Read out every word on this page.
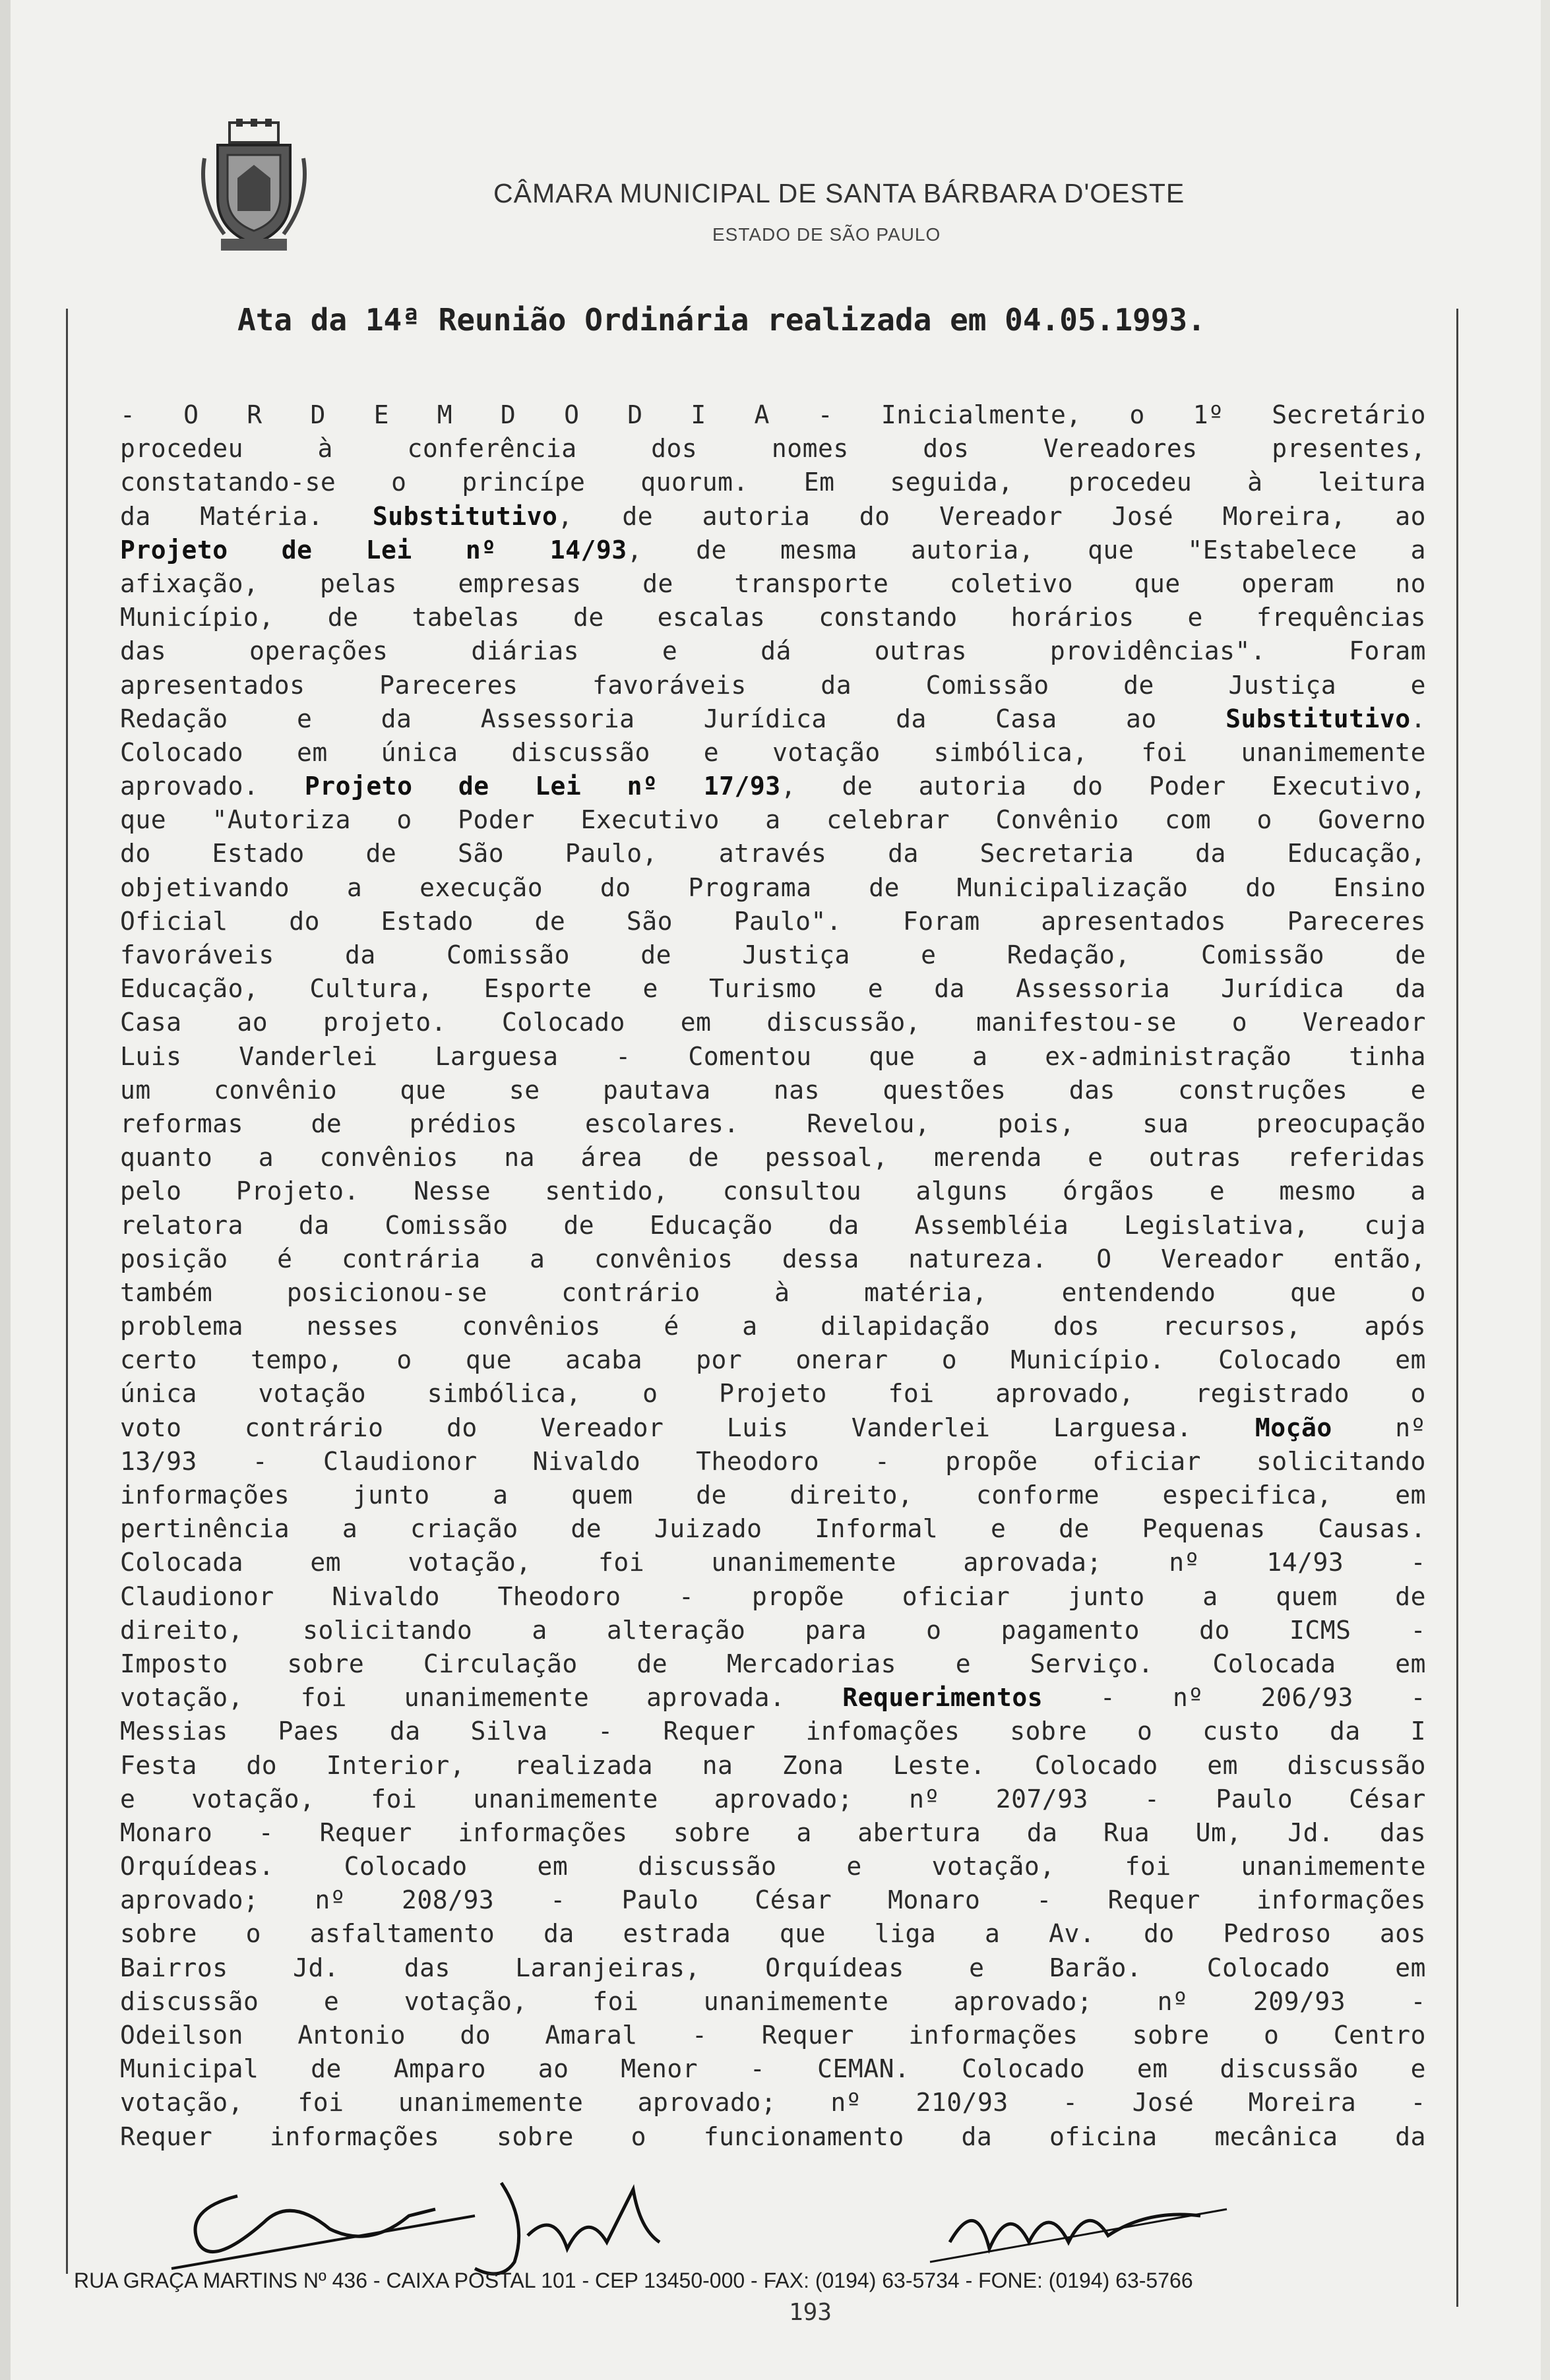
CÂMARA MUNICIPAL DE SANTA BÁRBARA D'OESTE
ESTADO DE SÃO PAULO
Ata da 14ª Reunião Ordinária realizada em 04.05.1993.
- O R D E M D O D I A - Inicialmente, o 1º Secretário
procedeu à conferência dos nomes dos Vereadores presentes,
constatando-se o princípe quorum. Em seguida, procedeu à leitura
da Matéria. Substitutivo, de autoria do Vereador José Moreira, ao
Projeto de Lei nº 14/93, de mesma autoria, que "Estabelece a
afixação, pelas empresas de transporte coletivo que operam no
Município, de tabelas de escalas constando horários e frequências
das operações diárias e dá outras providências". Foram
apresentados Pareceres favoráveis da Comissão de Justiça e
Redação e da Assessoria Jurídica da Casa ao Substitutivo.
Colocado em única discussão e votação simbólica, foi unanimemente
aprovado. Projeto de Lei nº 17/93, de autoria do Poder Executivo,
que "Autoriza o Poder Executivo a celebrar Convênio com o Governo
do Estado de São Paulo, através da Secretaria da Educação,
objetivando a execução do Programa de Municipalização do Ensino
Oficial do Estado de São Paulo". Foram apresentados Pareceres
favoráveis da Comissão de Justiça e Redação, Comissão de
Educação, Cultura, Esporte e Turismo e da Assessoria Jurídica da
Casa ao projeto. Colocado em discussão, manifestou-se o Vereador
Luis Vanderlei Larguesa - Comentou que a ex-administração tinha
um convênio que se pautava nas questões das construções e
reformas de prédios escolares. Revelou, pois, sua preocupação
quanto a convênios na área de pessoal, merenda e outras referidas
pelo Projeto. Nesse sentido, consultou alguns órgãos e mesmo a
relatora da Comissão de Educação da Assembléia Legislativa, cuja
posição é contrária a convênios dessa natureza. O Vereador então,
também posicionou-se contrário à matéria, entendendo que o
problema nesses convênios é a dilapidação dos recursos, após
certo tempo, o que acaba por onerar o Município. Colocado em
única votação simbólica, o Projeto foi aprovado, registrado o
voto contrário do Vereador Luis Vanderlei Larguesa. Moção nº
13/93 - Claudionor Nivaldo Theodoro - propõe oficiar solicitando
informações junto a quem de direito, conforme especifica, em
pertinência a criação de Juizado Informal e de Pequenas Causas.
Colocada em votação, foi unanimemente aprovada; nº 14/93 -
Claudionor Nivaldo Theodoro - propõe oficiar junto a quem de
direito, solicitando a alteração para o pagamento do ICMS -
Imposto sobre Circulação de Mercadorias e Serviço. Colocada em
votação, foi unanimemente aprovada. Requerimentos - nº 206/93 -
Messias Paes da Silva - Requer infomações sobre o custo da I
Festa do Interior, realizada na Zona Leste. Colocado em discussão
e votação, foi unanimemente aprovado; nº 207/93 - Paulo César
Monaro - Requer informações sobre a abertura da Rua Um, Jd. das
Orquídeas. Colocado em discussão e votação, foi unanimemente
aprovado; nº 208/93 - Paulo César Monaro - Requer informações
sobre o asfaltamento da estrada que liga a Av. do Pedroso aos
Bairros Jd. das Laranjeiras, Orquídeas e Barão. Colocado em
discussão e votação, foi unanimemente aprovado; nº 209/93 -
Odeilson Antonio do Amaral - Requer informações sobre o Centro
Municipal de Amparo ao Menor - CEMAN. Colocado em discussão e
votação, foi unanimemente aprovado; nº 210/93 - José Moreira -
Requer informações sobre o funcionamento da oficina mecânica da
193
RUA GRAÇA MARTINS Nº 436 - CAIXA POSTAL 101 - CEP 13450-000 - FAX: (0194) 63-5734 - FONE: (0194) 63-5766
